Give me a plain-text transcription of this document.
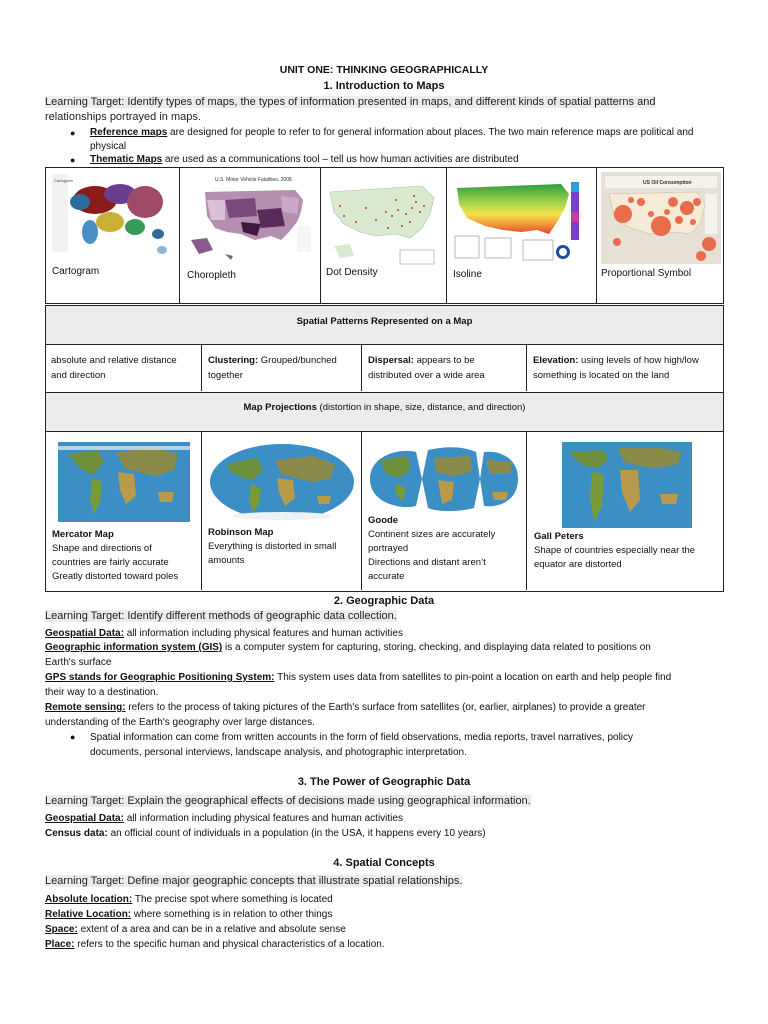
UNIT ONE: THINKING GEOGRAPHICALLY
1. Introduction to Maps
Learning Target: Identify types of maps, the types of information presented in maps, and different kinds of spatial patterns and
relationships portrayed in maps.
● Reference maps are designed for people to refer to for general information about places. The two main reference maps are political and
physical
● Thematic Maps are used as a communications tool – tell us how human activities are distributed
Cartogram
Cartogram
U.S. Motor Vehicle Fatalities, 2008
Choropleth	Dot Density	Isoline
US Oil Consumption
Proportional Symbol
Spatial Patterns Represented on a Map
absolute and relative distance
and direction
Clustering: Grouped/bunched
together
Dispersal: appears to be
distributed over a wide area
Elevation: using levels of how high/low
something is located on the land
Map Projections (distortion in shape, size, distance, and direction)
Mercator Map
Shape and directions of
countries are fairly accurate
Greatly distorted toward poles
Robinson Map
Everything is distorted in small
amounts
Goode
Continent sizes are accurately
portrayed
Directions and distant aren’t
accurate
Gall Peters
Shape of countries especially near the
equator are distorted
2. Geographic Data
Learning Target: Identify different methods of geographic data collection.
Geospatial Data: all information including physical features and human activities
Geographic information system (GIS) is a computer system for capturing, storing, checking, and displaying data related to positions on
Earth's surface
GPS stands for Geographic Positioning System: This system uses data from satellites to pin-point a location on earth and help people find
their way to a destination.
Remote sensing: refers to the process of taking pictures of the Earth's surface from satellites (or, earlier, airplanes) to provide a greater
understanding of the Earth's geography over large distances.
● Spatial information can come from written accounts in the form of field observations, media reports, travel narratives, policy
documents, personal interviews, landscape analysis, and photographic interpretation.
3. The Power of Geographic Data
Learning Target: Explain the geographical effects of decisions made using geographical information.
Geospatial Data: all information including physical features and human activities
Census data: an official count of individuals in a population (in the USA, it happens every 10 years)
4. Spatial Concepts
Learning Target: Define major geographic concepts that illustrate spatial relationships.
Absolute location: The precise spot where something is located
Relative Location: where something is in relation to other things
Space: extent of a area and can be in a relative and absolute sense
Place: refers to the specific human and physical characteristics of a location.
